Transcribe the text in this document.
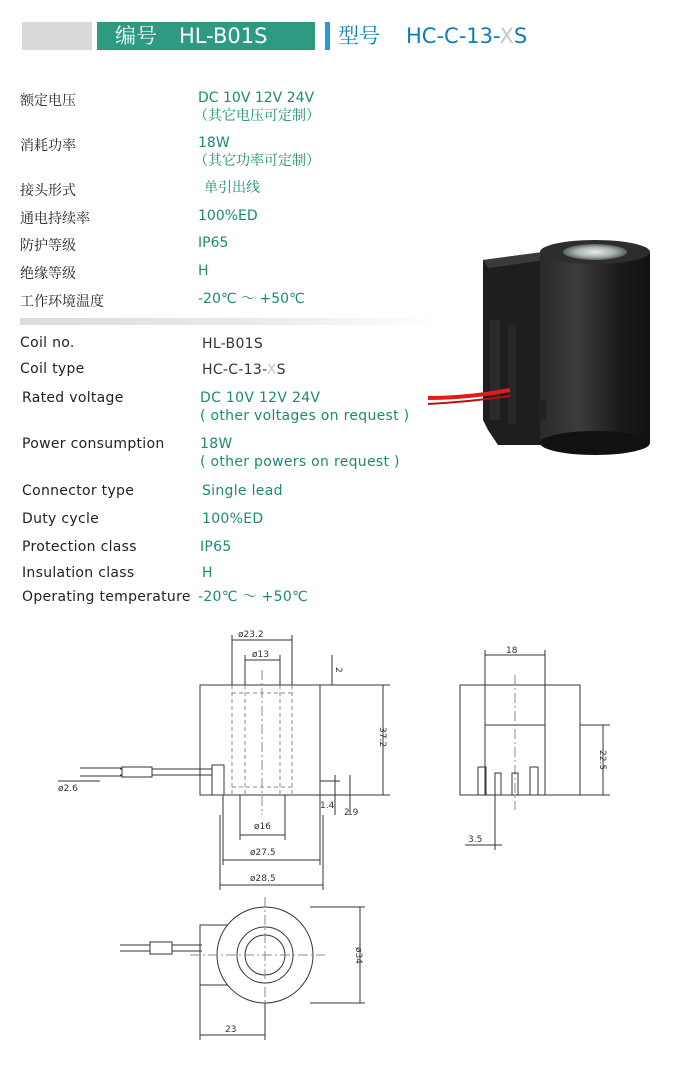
编号 HL-B01S	型号 HC-C-13-XS
额定电压	DC 10V 12V 24V
（其它电压可定制）
消耗功率	18W
（其它功率可定制）
接头形式	单引出线
通电持续率	100%ED
防护等级	IP65
绝缘等级	H
工作环境温度	-20℃ ～ +50℃
Coil no.	HL-B01S
Coil type	HC-C-13-XS
Rated voltage	DC 10V 12V 24V
( other voltages on request )
Power consumption	18W
( other powers on request )
Connector type	Single lead
Duty cycle	100%ED
Protection class	IP65
Insulation class	H
Operating temperature -20℃ ～ +50℃
ø23.2
ø13
ø2.6
ø16
ø27.5
ø28.5
2
37.2
1.4
2.9
18
22.5
3.5
ø34
23
